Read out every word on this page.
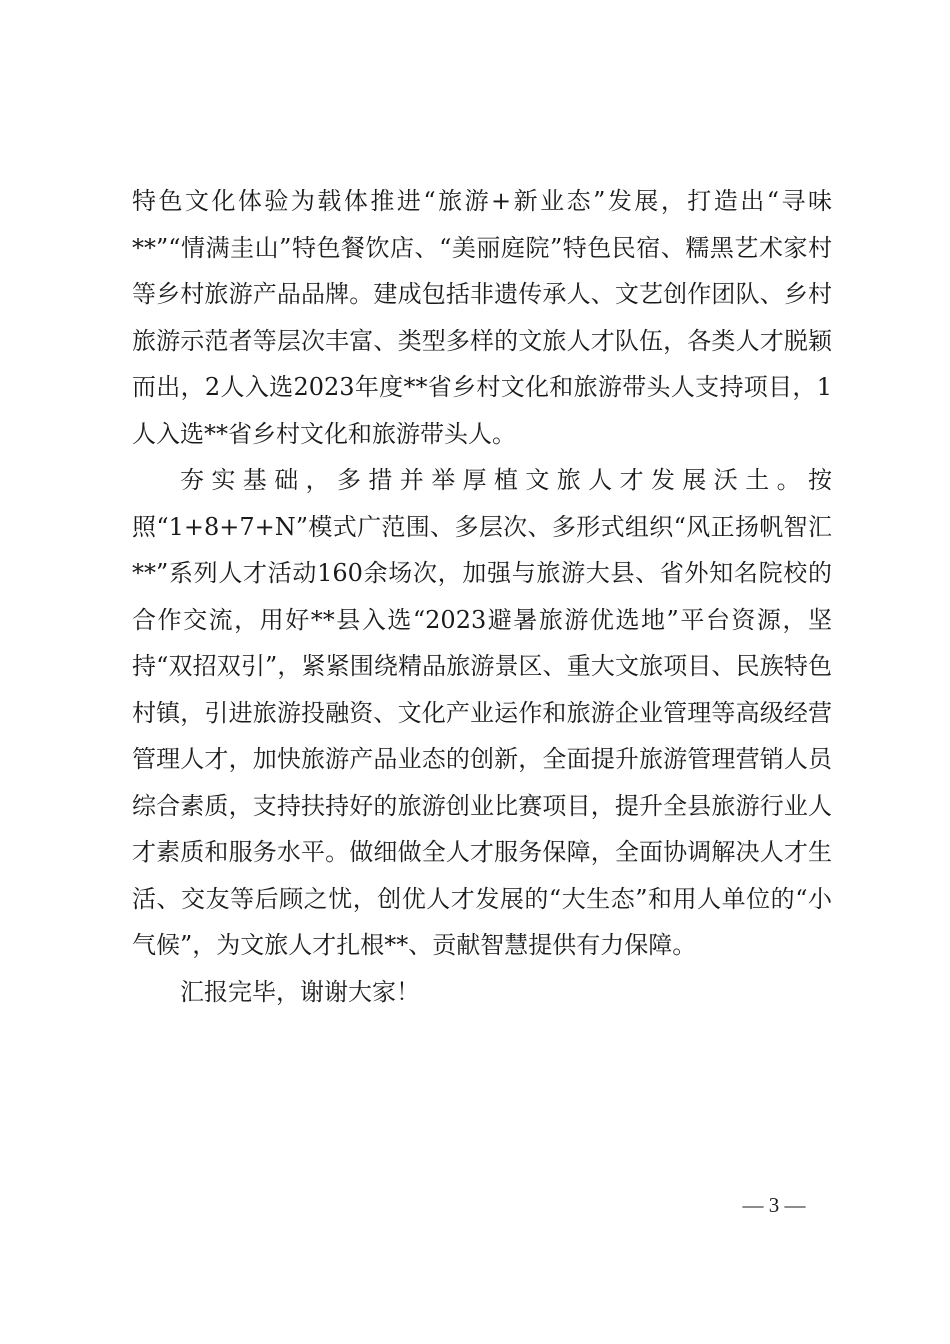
特色文化体验为载体推进“旅游+新业态”发展，打造出“寻味**”“情满圭山”特色餐饮店、“美丽庭院”特色民宿、糯黑艺术家村等乡村旅游产品品牌。建成包括非遗传承人、文艺创作团队、乡村旅游示范者等层次丰富、类型多样的文旅人才队伍，各类人才脱颖而出，2人入选2023年度**省乡村文化和旅游带头人支持项目，1人入选**省乡村文化和旅游带头人。

夯实基础，多措并举厚植文旅人才发展沃土。按照“1+8+7+N”模式广范围、多层次、多形式组织“风正扬帆智汇**”系列人才活动160余场次，加强与旅游大县、省外知名院校的合作交流，用好**县入选“2023避暑旅游优选地”平台资源，坚持“双招双引”，紧紧围绕精品旅游景区、重大文旅项目、民族特色村镇，引进旅游投融资、文化产业运作和旅游企业管理等高级经营管理人才，加快旅游产品业态的创新，全面提升旅游管理营销人员综合素质，支持扶持好的旅游创业比赛项目，提升全县旅游行业人才素质和服务水平。做细做全人才服务保障，全面协调解决人才生活、交友等后顾之忧，创优人才发展的“大生态”和用人单位的“小气候”，为文旅人才扎根**、贡献智慧提供有力保障。

汇报完毕，谢谢大家！

— 3 —
